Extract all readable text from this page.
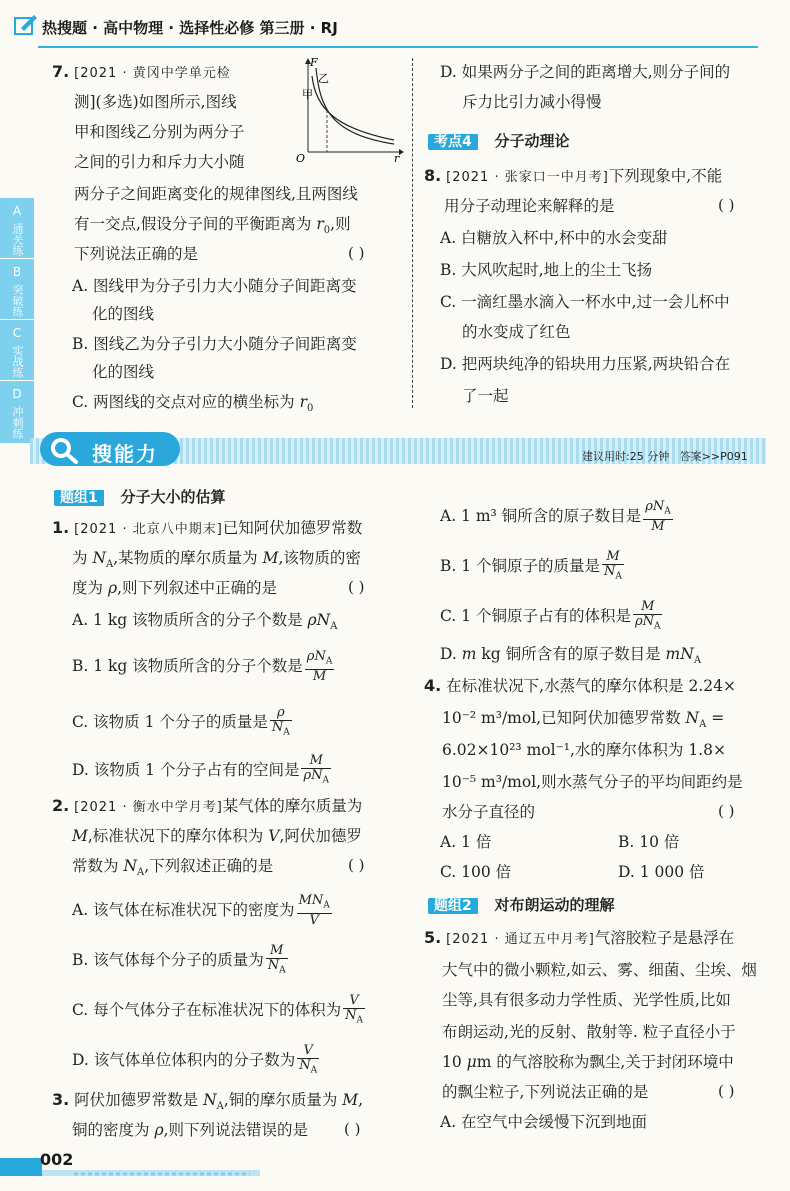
热搜题 · 高中物理 · 选择性必修 第三册 · RJ
A
通关练
B
突破练
C
实战练
D
冲刺练
7. [2021 · 黄冈中学单元检
测](多选)如图所示,图线
甲和图线乙分别为两分子
之间的引力和斥力大小随
两分子之间距离变化的规律图线,且两图线
有一交点,假设分子间的平衡距离为 $r_0$,则
下列说法正确的是	( )
A. 图线甲为分子引力大小随分子间距离变
化的图线
B. 图线乙为分子引力大小随分子间距离变
化的图线
C. 两图线的交点对应的横坐标为 $r_0$
D. 如果两分子之间的距离增大,则分子间的
斥力比引力减小得慢
F
O	r
甲
乙
考点4 分子动理论
8. [2021 · 张家口一中月考]下列现象中,不能
用分子动理论来解释的是	( )
A. 白糖放入杯中,杯中的水会变甜
B. 大风吹起时,地上的尘土飞扬
C. 一滴红墨水滴入一杯水中,过一会儿杯中
的水变成了红色
D. 把两块纯净的铅块用力压紧,两块铅合在
了一起
搜能力	建议用时:25 分钟 答案>>P091
题组1 分子大小的估算
1. [2021 · 北京八中期末]已知阿伏加德罗常数
为 $N_A$,某物质的摩尔质量为 M,该物质的密
度为 ρ,则下列叙述中正确的是	( )
A. 1 kg 该物质所含的分子个数是 $\rho N_A$
B. 1 kg 该物质所含的分子个数是 $\frac{\rho N_A}{M}$
C. 该物质 1 个分子的质量是 $\frac{\rho}{N_A}$
D. 该物质 1 个分子占有的空间是 $\frac{M}{\rho N_A}$
2. [2021 · 衡水中学月考]某气体的摩尔质量为
M,标准状况下的摩尔体积为 V,阿伏加德罗
常数为 $N_A$,下列叙述正确的是	( )
A. 该气体在标准状况下的密度为 $\frac{MN_A}{V}$
B. 该气体每个分子的质量为 $\frac{M}{N_A}$
C. 每个气体分子在标准状况下的体积为 $\frac{V}{N_A}$
D. 该气体单位体积内的分子数为 $\frac{V}{N_A}$
3. 阿伏加德罗常数是 $N_A$,铜的摩尔质量为 M,
铜的密度为 ρ,则下列说法错误的是 ( )
A. 1 m³ 铜所含的原子数目是 $\frac{\rho N_A}{M}$
B. 1 个铜原子的质量是 $\frac{M}{N_A}$
C. 1 个铜原子占有的体积是 $\frac{M}{\rho N_A}$
D. m kg 铜所含有的原子数目是 $mN_A$
4. 在标准状况下,水蒸气的摩尔体积是 2.24×
10⁻² m³/mol,已知阿伏加德罗常数 $N_A$ =
6.02×10²³ mol⁻¹,水的摩尔体积为 1.8×
10⁻⁵ m³/mol,则水蒸气分子的平均间距约是
水分子直径的	( )
A. 1 倍	B. 10 倍
C. 100 倍	D. 1 000 倍
题组2 对布朗运动的理解
5. [2021 · 通辽五中月考]气溶胶粒子是悬浮在
大气中的微小颗粒,如云、雾、细菌、尘埃、烟
尘等,具有很多动力学性质、光学性质,比如
布朗运动,光的反射、散射等. 粒子直径小于
10 μm 的气溶胶称为飘尘,关于封闭环境中
的飘尘粒子,下列说法正确的是	( )
A. 在空气中会缓慢下沉到地面
002
